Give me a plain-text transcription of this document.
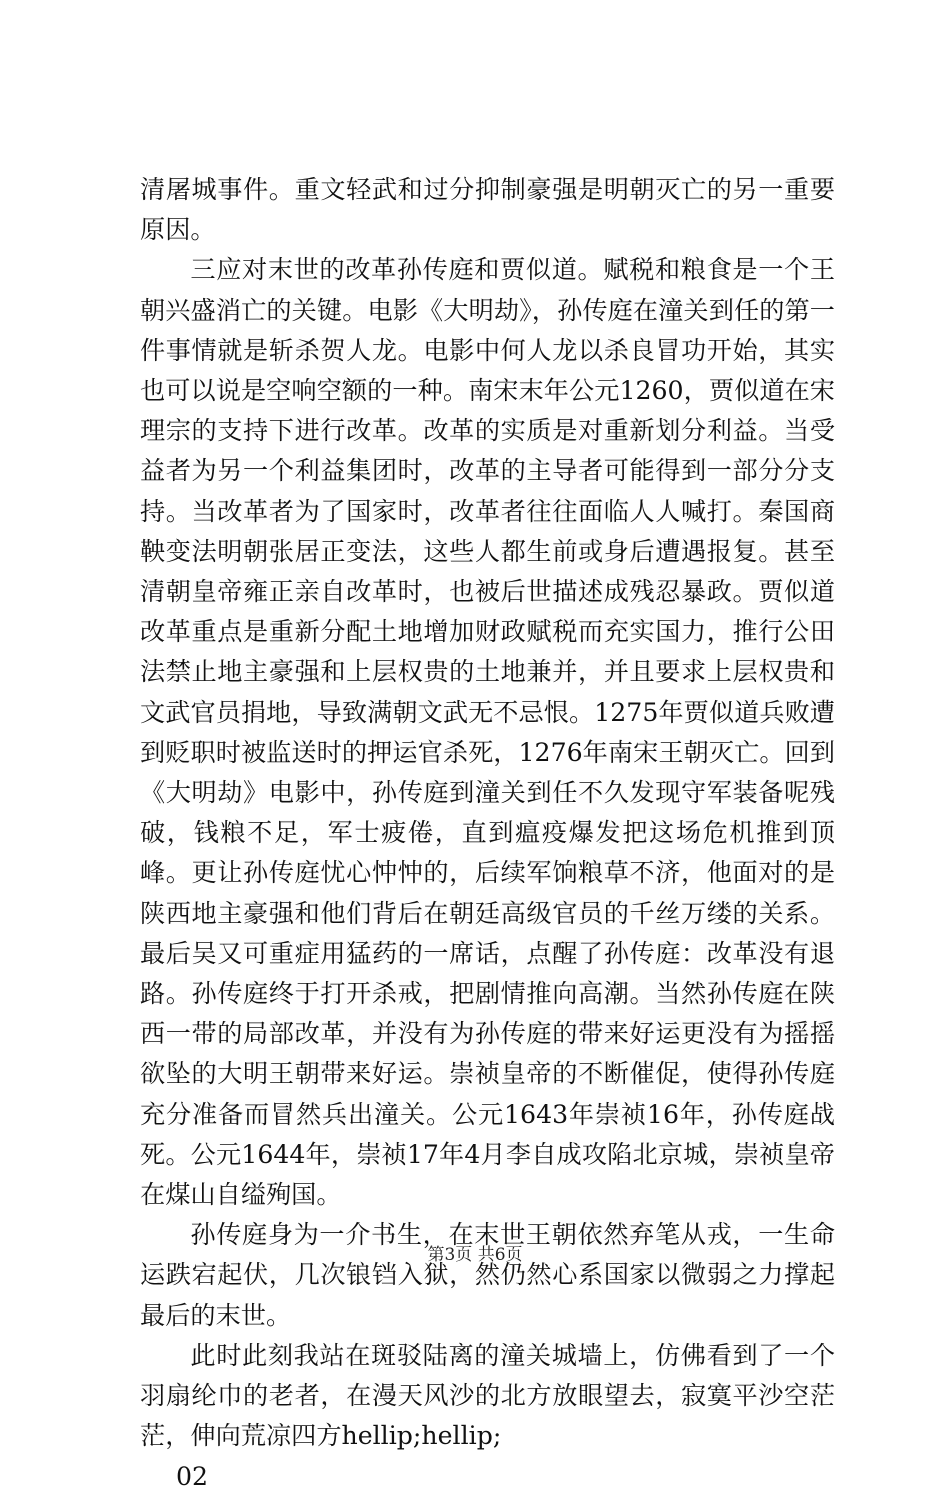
清屠城事件。重文轻武和过分抑制豪强是明朝灭亡的另一重要原因。

三应对末世的改革孙传庭和贾似道。赋税和粮食是一个王朝兴盛消亡的关键。电影《大明劫》，孙传庭在潼关到任的第一件事情就是斩杀贺人龙。电影中何人龙以杀良冒功开始，其实也可以说是空响空额的一种。南宋末年公元1260，贾似道在宋理宗的支持下进行改革。改革的实质是对重新划分利益。当受益者为另一个利益集团时，改革的主导者可能得到一部分分支持。当改革者为了国家时，改革者往往面临人人喊打。秦国商鞅变法明朝张居正变法，这些人都生前或身后遭遇报复。甚至清朝皇帝雍正亲自改革时，也被后世描述成残忍暴政。贾似道改革重点是重新分配土地增加财政赋税而充实国力，推行公田法禁止地主豪强和上层权贵的土地兼并，并且要求上层权贵和文武官员捐地，导致满朝文武无不忌恨。1275年贾似道兵败遭到贬职时被监送时的押运官杀死，1276年南宋王朝灭亡。回到《大明劫》电影中，孙传庭到潼关到任不久发现守军装备呢残破，钱粮不足，军士疲倦，直到瘟疫爆发把这场危机推到顶峰。更让孙传庭忧心忡忡的，后续军饷粮草不济，他面对的是陕西地主豪强和他们背后在朝廷高级官员的千丝万缕的关系。最后吴又可重症用猛药的一席话，点醒了孙传庭：改革没有退路。孙传庭终于打开杀戒，把剧情推向高潮。当然孙传庭在陕西一带的局部改革，并没有为孙传庭的带来好运更没有为摇摇欲坠的大明王朝带来好运。崇祯皇帝的不断催促，使得孙传庭充分准备而冒然兵出潼关。公元1643年崇祯16年，孙传庭战死。公元1644年，崇祯17年4月李自成攻陷北京城，崇祯皇帝在煤山自缢殉国。

孙传庭身为一介书生，在末世王朝依然弃笔从戎，一生命运跌宕起伏，几次锒铛入狱，然仍然心系国家以微弱之力撑起最后的末世。

此时此刻我站在斑驳陆离的潼关城墙上，仿佛看到了一个羽扇纶巾的老者，在漫天风沙的北方放眼望去，寂寞平沙空茫茫，伸向荒凉四方hellip;hellip;

02

第3页 共6页
